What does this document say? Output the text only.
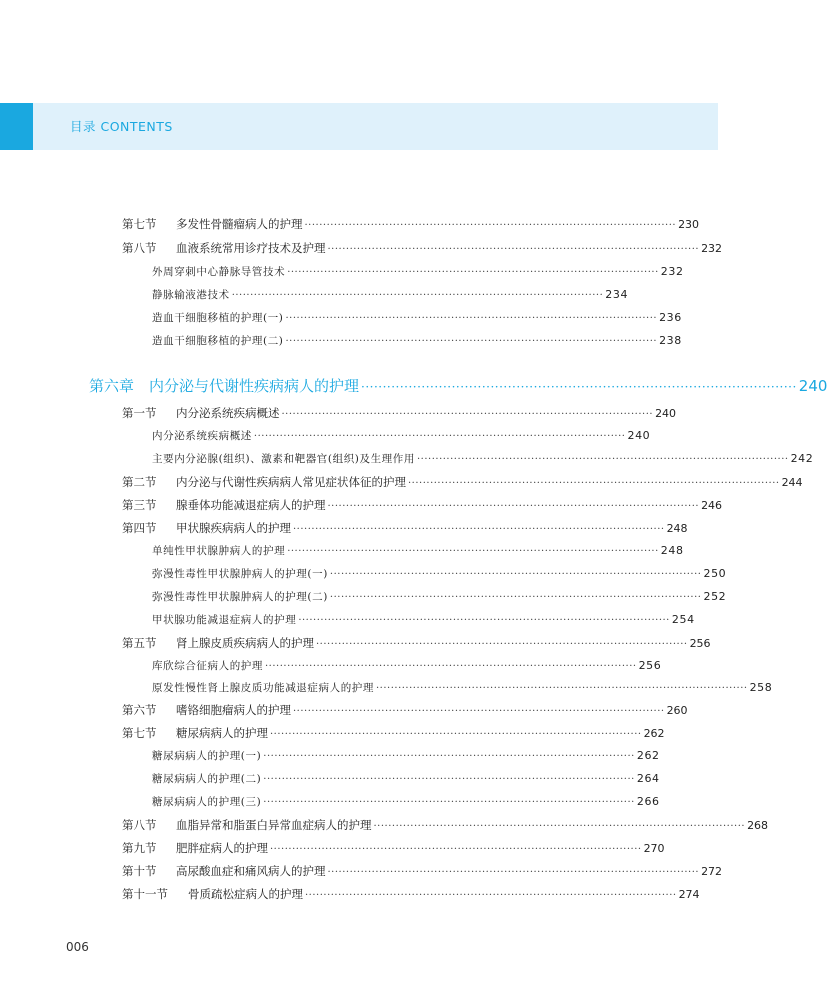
目录 CONTENTS
第七节 多发性骨髓瘤病人的护理 ····································································································· 230
第八节 血液系统常用诊疗技术及护理 ····································································································· 232
外周穿刺中心静脉导管技术 ····································································································· 232
静脉输液港技术 ····································································································· 234
造血干细胞移植的护理(一) ····································································································· 236
造血干细胞移植的护理(二) ····································································································· 238
第六章 内分泌与代谢性疾病病人的护理 ····································································································· 240
第一节 内分泌系统疾病概述 ····································································································· 240
内分泌系统疾病概述 ····································································································· 240
主要内分泌腺(组织)、激素和靶器官(组织)及生理作用 ····································································································· 242
第二节 内分泌与代谢性疾病病人常见症状体征的护理 ····································································································· 244
第三节 腺垂体功能减退症病人的护理 ····································································································· 246
第四节 甲状腺疾病病人的护理 ····································································································· 248
单纯性甲状腺肿病人的护理 ····································································································· 248
弥漫性毒性甲状腺肿病人的护理(一) ····································································································· 250
弥漫性毒性甲状腺肿病人的护理(二) ····································································································· 252
甲状腺功能减退症病人的护理 ····································································································· 254
第五节 肾上腺皮质疾病病人的护理 ····································································································· 256
库欣综合征病人的护理 ····································································································· 256
原发性慢性肾上腺皮质功能减退症病人的护理 ····································································································· 258
第六节 嗜铬细胞瘤病人的护理 ····································································································· 260
第七节 糖尿病病人的护理 ····································································································· 262
糖尿病病人的护理(一) ····································································································· 262
糖尿病病人的护理(二) ····································································································· 264
糖尿病病人的护理(三) ····································································································· 266
第八节 血脂异常和脂蛋白异常血症病人的护理 ····································································································· 268
第九节 肥胖症病人的护理 ····································································································· 270
第十节 高尿酸血症和痛风病人的护理 ····································································································· 272
第十一节 骨质疏松症病人的护理 ····································································································· 274
006
